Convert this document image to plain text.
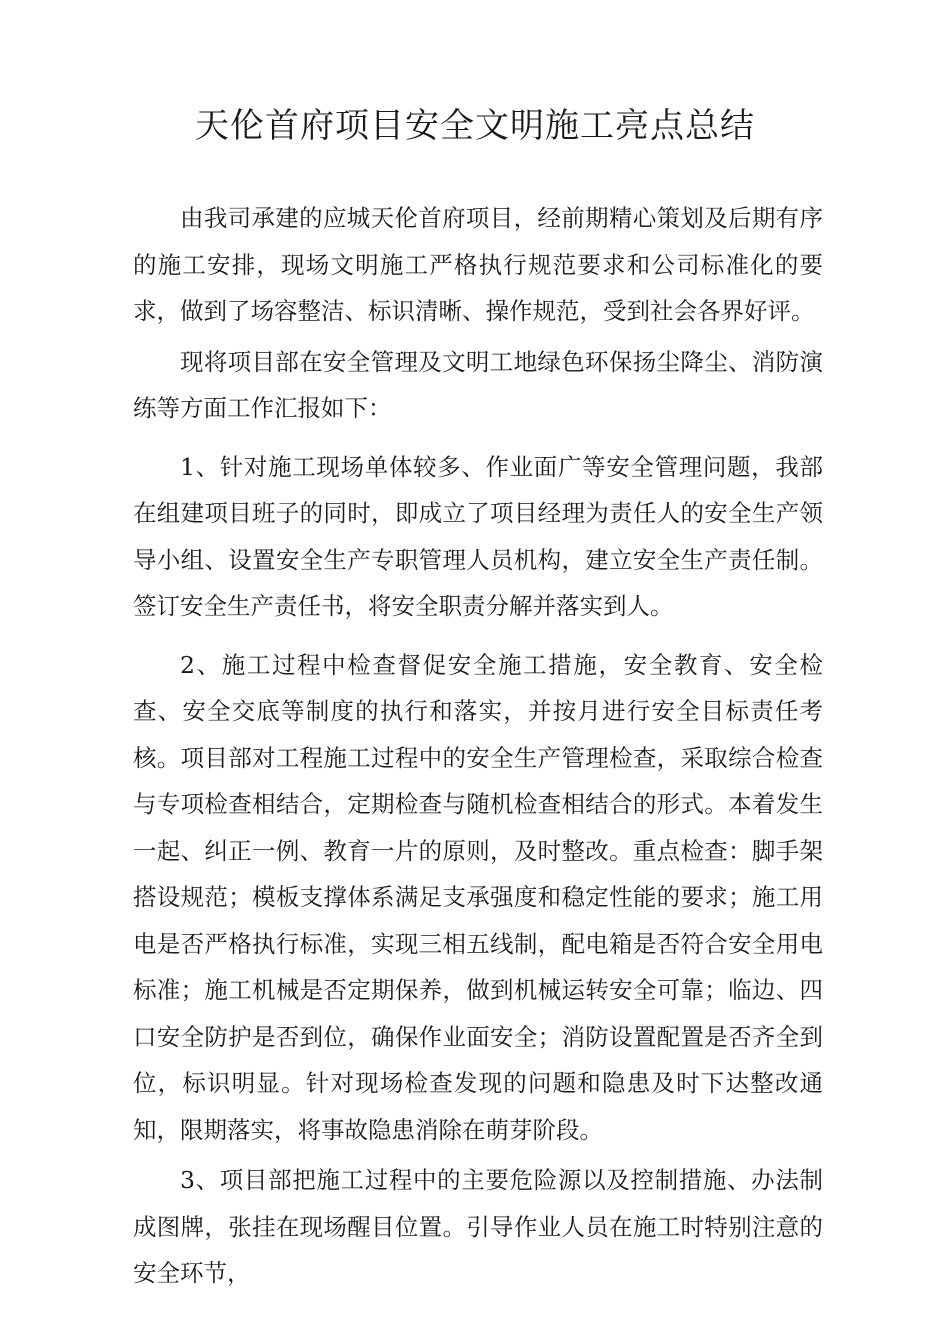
天伦首府项目安全文明施工亮点总结

由我司承建的应城天伦首府项目，经前期精心策划及后期有序的施工安排，现场文明施工严格执行规范要求和公司标准化的要求，做到了场容整洁、标识清晰、操作规范，受到社会各界好评。

现将项目部在安全管理及文明工地绿色环保扬尘降尘、消防演练等方面工作汇报如下：

1、针对施工现场单体较多、作业面广等安全管理问题，我部在组建项目班子的同时，即成立了项目经理为责任人的安全生产领导小组、设置安全生产专职管理人员机构，建立安全生产责任制。签订安全生产责任书，将安全职责分解并落实到人。

2、施工过程中检查督促安全施工措施，安全教育、安全检查、安全交底等制度的执行和落实，并按月进行安全目标责任考核。项目部对工程施工过程中的安全生产管理检查，采取综合检查与专项检查相结合，定期检查与随机检查相结合的形式。本着发生一起、纠正一例、教育一片的原则，及时整改。重点检查：脚手架搭设规范；模板支撑体系满足支承强度和稳定性能的要求；施工用电是否严格执行标准，实现三相五线制，配电箱是否符合安全用电标准；施工机械是否定期保养，做到机械运转安全可靠；临边、四口安全防护是否到位，确保作业面安全；消防设置配置是否齐全到位，标识明显。针对现场检查发现的问题和隐患及时下达整改通知，限期落实，将事故隐患消除在萌芽阶段。

3、项目部把施工过程中的主要危险源以及控制措施、办法制成图牌，张挂在现场醒目位置。引导作业人员在施工时特别注意的安全环节，
